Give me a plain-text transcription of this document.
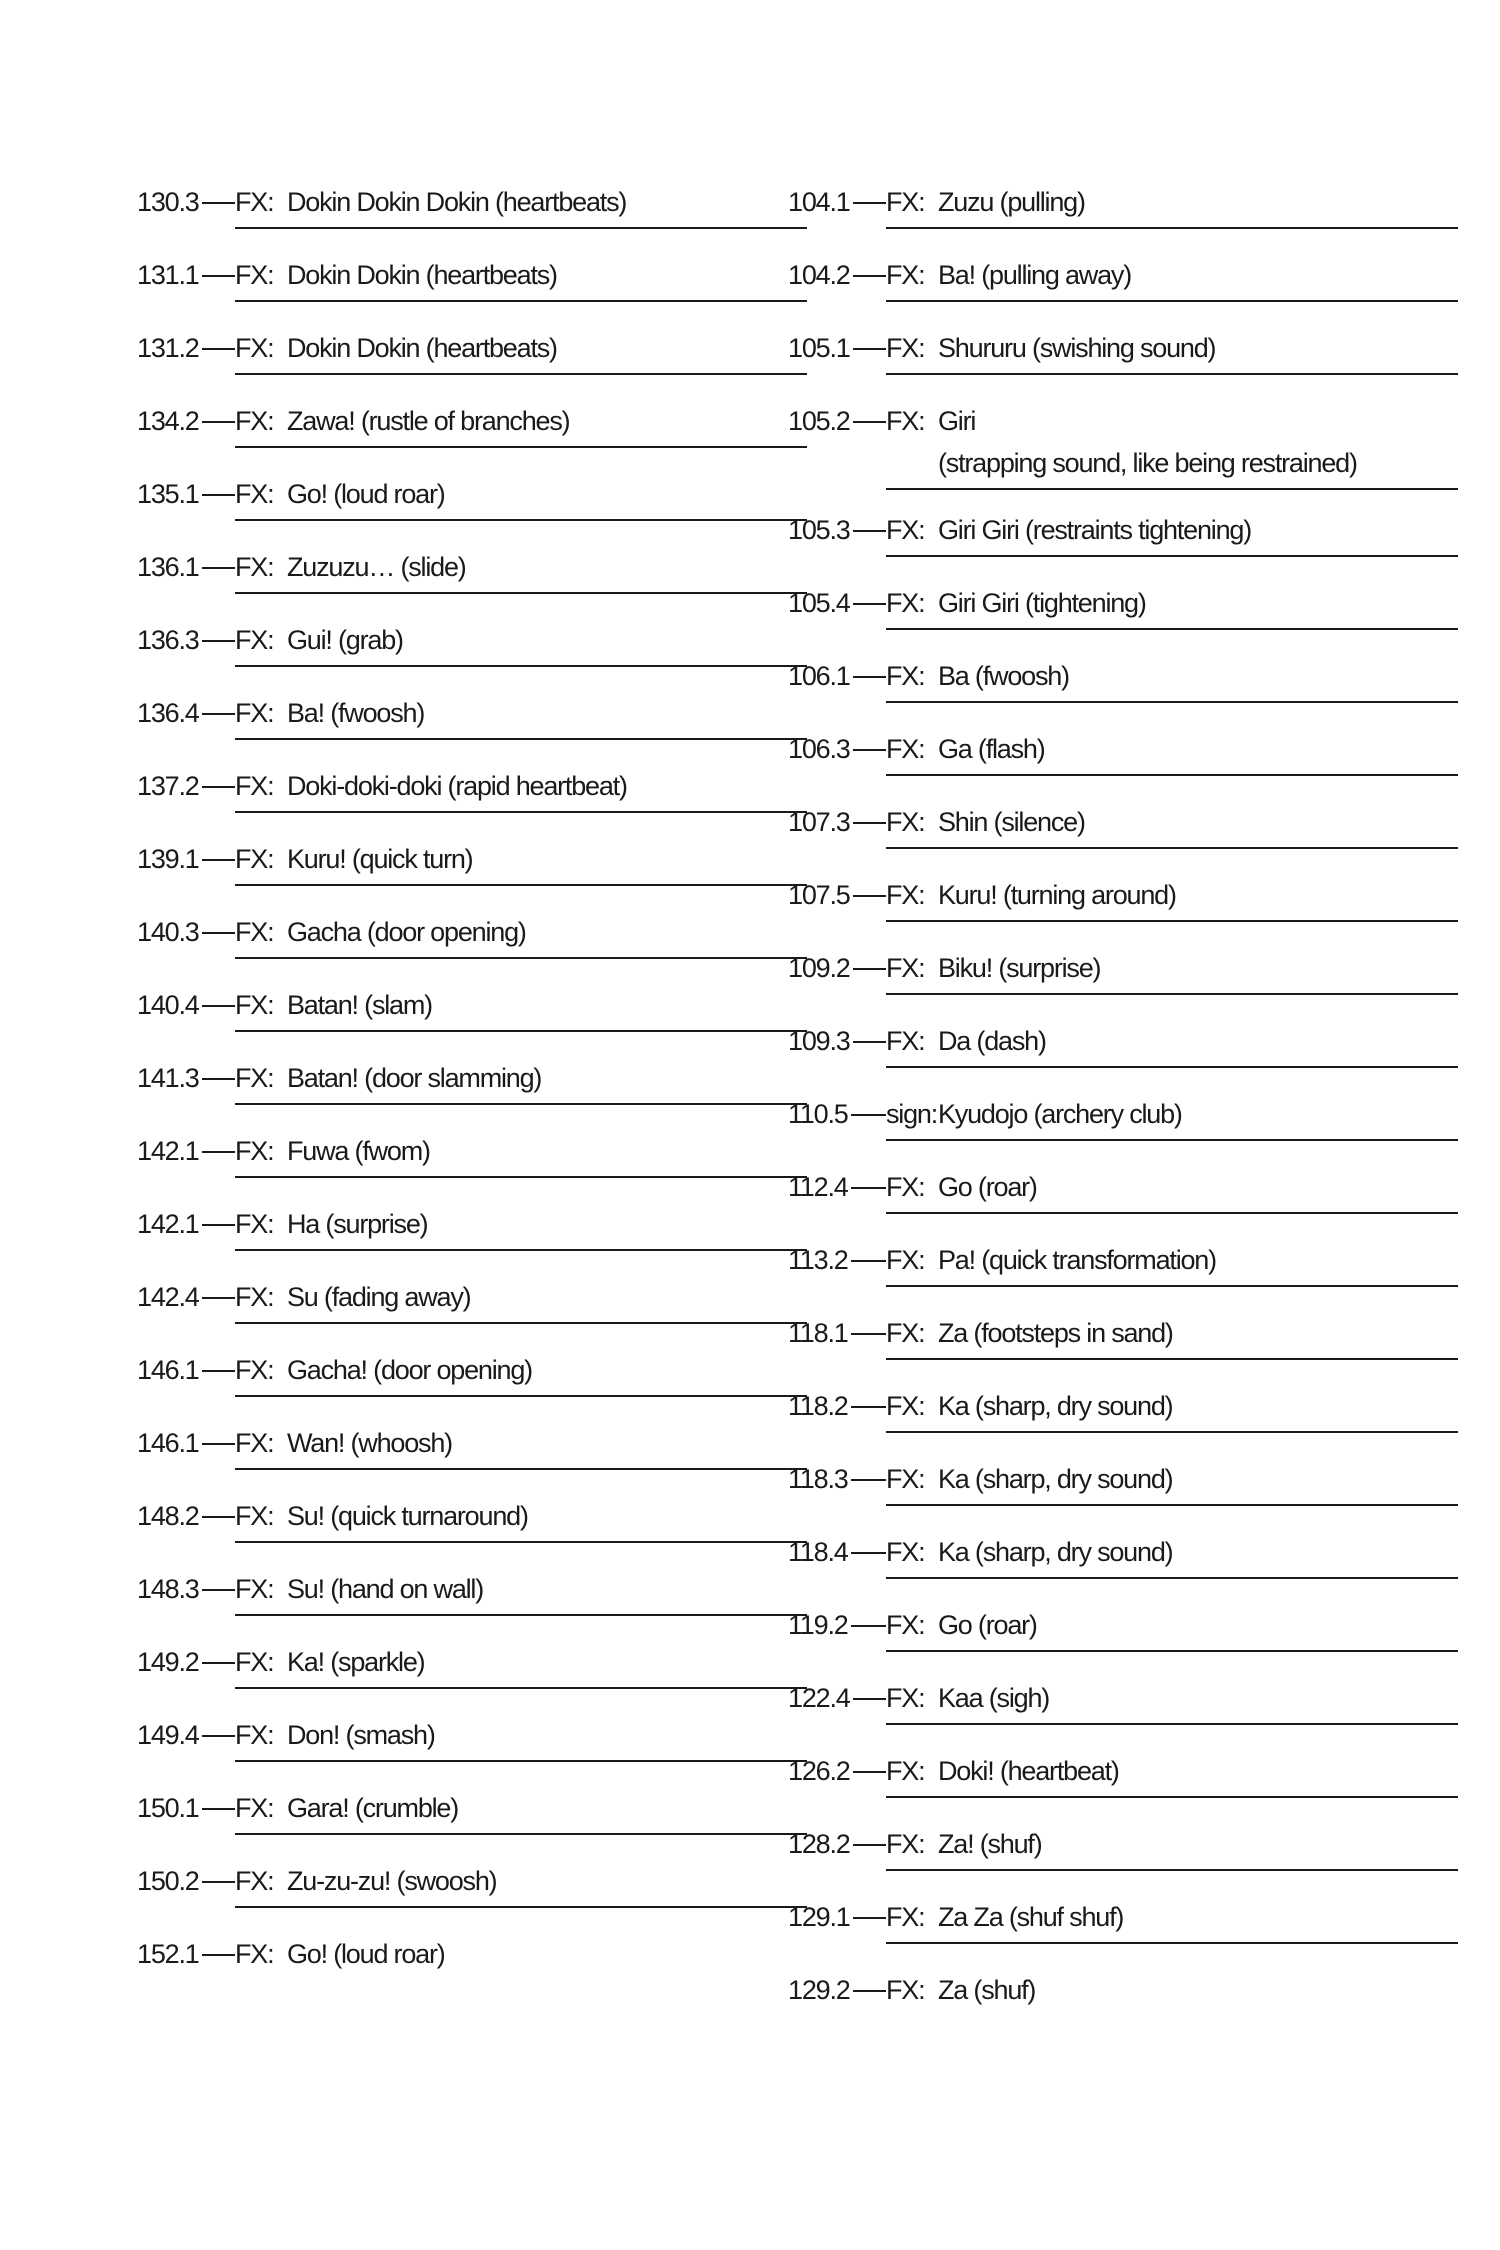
130.3 FX: Dokin Dokin Dokin (heartbeats)
131.1 FX: Dokin Dokin (heartbeats)
131.2 FX: Dokin Dokin (heartbeats)
134.2 FX: Zawa! (rustle of branches)
135.1 FX: Go! (loud roar)
136.1 FX: Zuzuzu… (slide)
136.3 FX: Gui! (grab)
136.4 FX: Ba! (fwoosh)
137.2 FX: Doki-doki-doki (rapid heartbeat)
139.1 FX: Kuru! (quick turn)
140.3 FX: Gacha (door opening)
140.4 FX: Batan! (slam)
141.3 FX: Batan! (door slamming)
142.1 FX: Fuwa (fwom)
142.1 FX: Ha (surprise)
142.4 FX: Su (fading away)
146.1 FX: Gacha! (door opening)
146.1 FX: Wan! (whoosh)
148.2 FX: Su! (quick turnaround)
148.3 FX: Su! (hand on wall)
149.2 FX: Ka! (sparkle)
149.4 FX: Don! (smash)
150.1 FX: Gara! (crumble)
150.2 FX: Zu-zu-zu! (swoosh)
152.1 FX: Go! (loud roar)
104.1 FX: Zuzu (pulling)
104.2 FX: Ba! (pulling away)
105.1 FX: Shururu (swishing sound)
105.2 FX: Giri
(strapping sound, like being restrained)
105.3 FX: Giri Giri (restraints tightening)
105.4 FX: Giri Giri (tightening)
106.1 FX: Ba (fwoosh)
106.3 FX: Ga (flash)
107.3 FX: Shin (silence)
107.5 FX: Kuru! (turning around)
109.2 FX: Biku! (surprise)
109.3 FX: Da (dash)
110.5 sign:Kyudojo (archery club)
112.4 FX: Go (roar)
113.2 FX: Pa! (quick transformation)
118.1 FX: Za (footsteps in sand)
118.2 FX: Ka (sharp, dry sound)
118.3 FX: Ka (sharp, dry sound)
118.4 FX: Ka (sharp, dry sound)
119.2 FX: Go (roar)
122.4 FX: Kaa (sigh)
126.2 FX: Doki! (heartbeat)
128.2 FX: Za! (shuf)
129.1 FX: Za Za (shuf shuf)
129.2 FX: Za (shuf)
